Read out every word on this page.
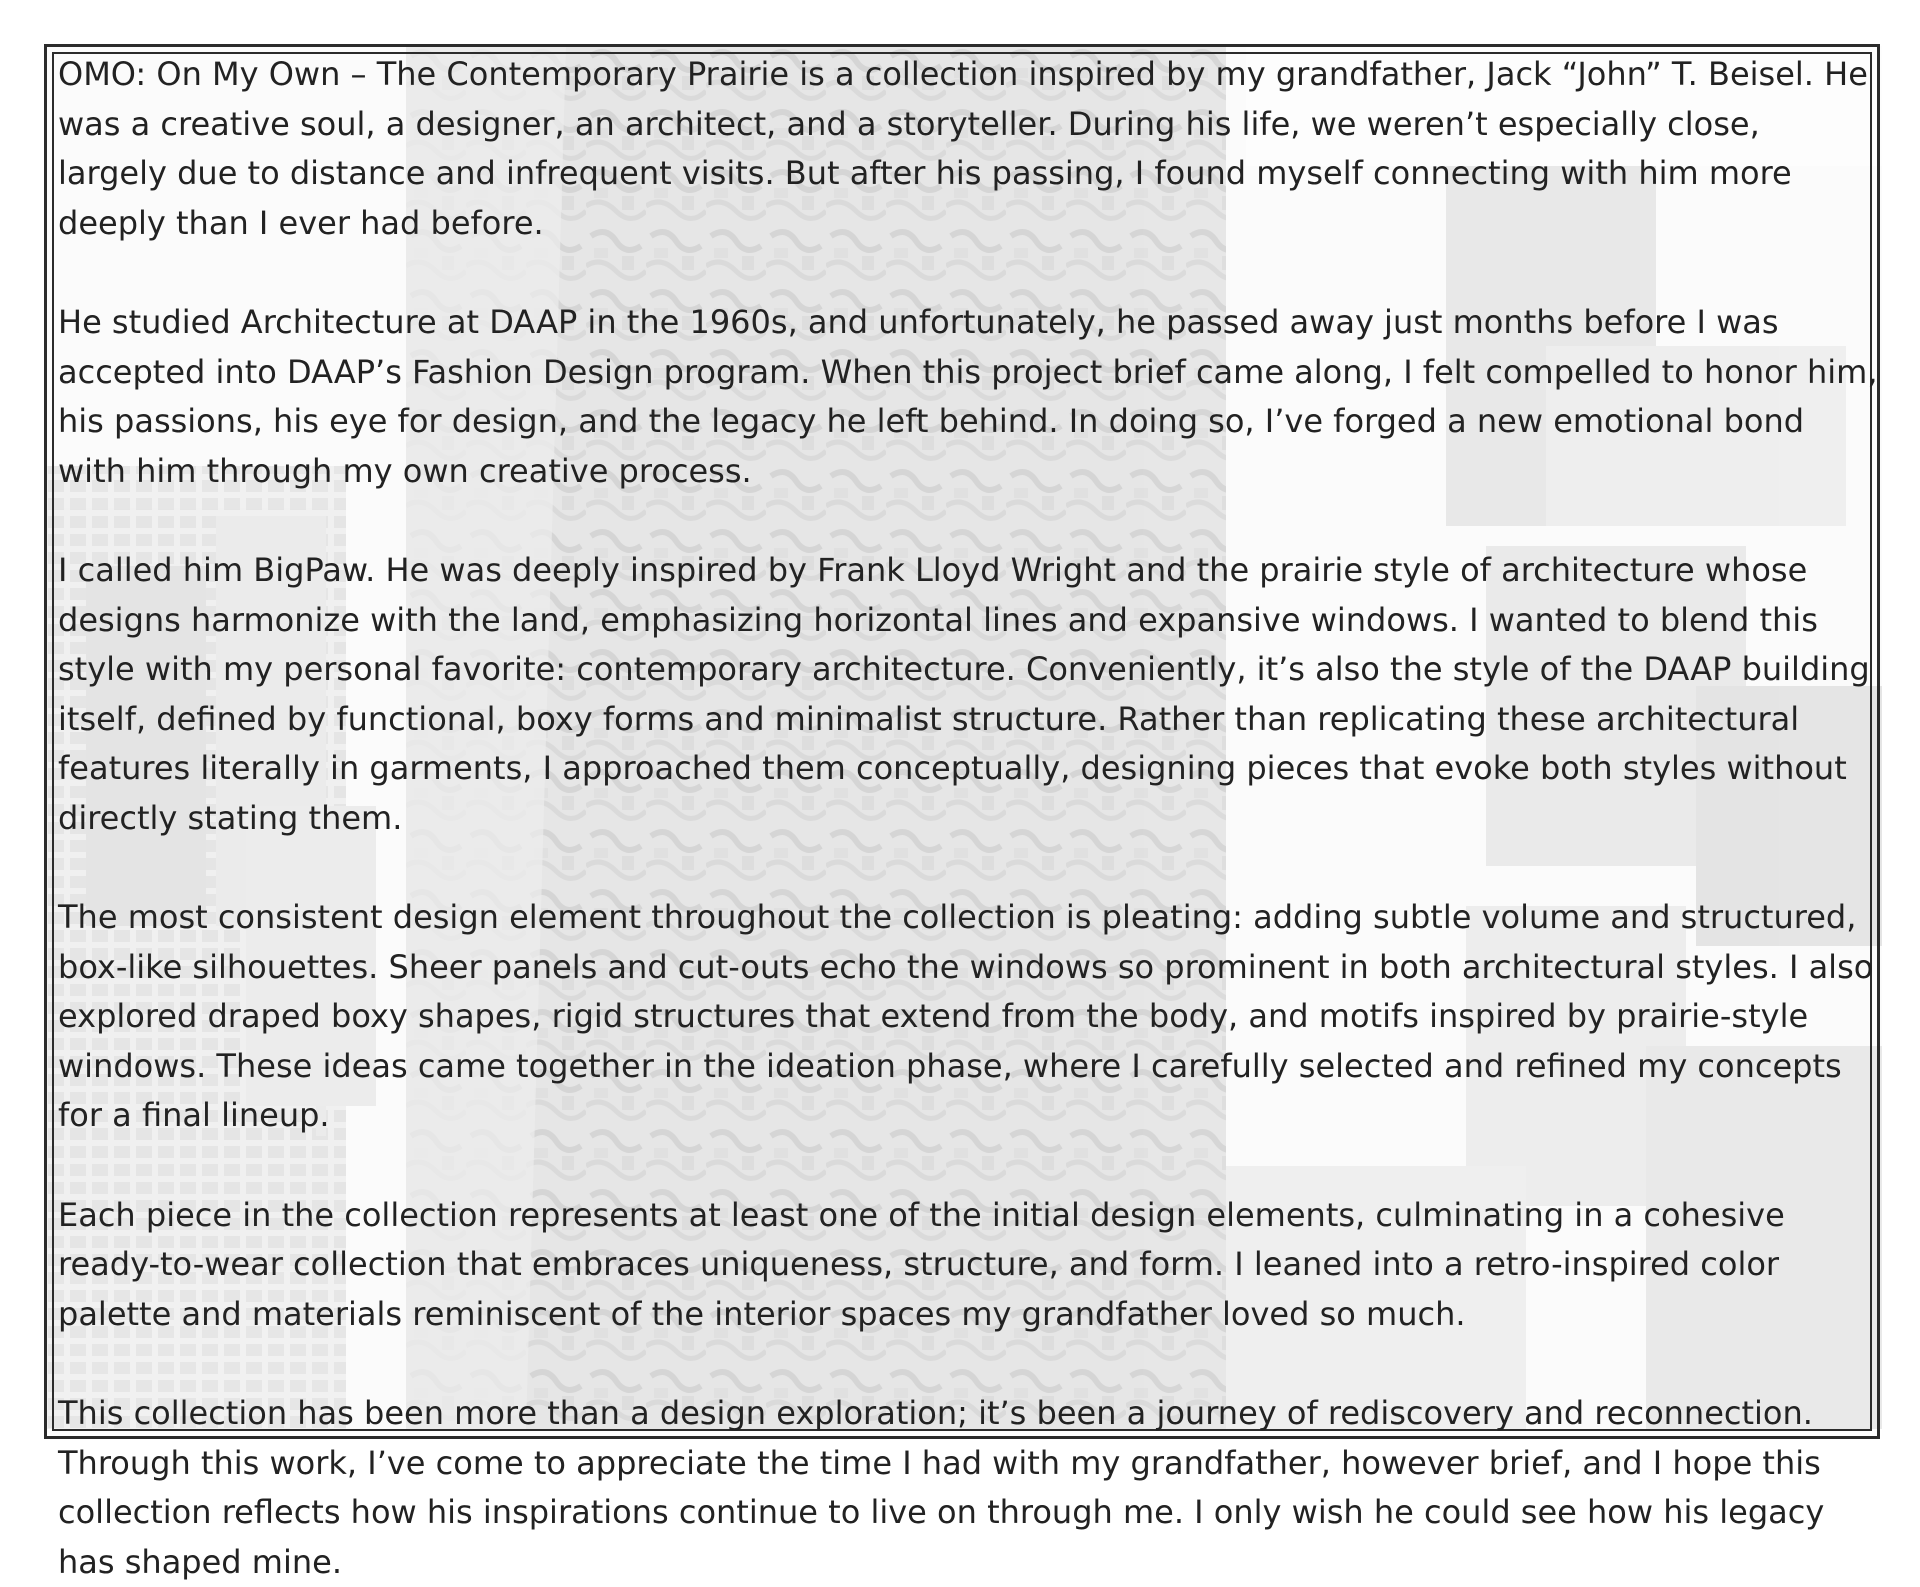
OMO: On My Own – The Contemporary Prairie is a collection inspired by my grandfather, Jack “John” T. Beisel. He was a creative soul, a designer, an architect, and a storyteller. During his life, we weren’t especially close, largely due to distance and infrequent visits. But after his passing, I found myself connecting with him more deeply than I ever had before.

He studied Architecture at DAAP in the 1960s, and unfortunately, he passed away just months before I was accepted into DAAP’s Fashion Design program. When this project brief came along, I felt compelled to honor him, his passions, his eye for design, and the legacy he left behind. In doing so, I’ve forged a new emotional bond with him through my own creative process.

I called him BigPaw. He was deeply inspired by Frank Lloyd Wright and the prairie style of architecture whose designs harmonize with the land, emphasizing horizontal lines and expansive windows. I wanted to blend this style with my personal favorite: contemporary architecture. Conveniently, it’s also the style of the DAAP building itself, defined by functional, boxy forms and minimalist structure. Rather than replicating these architectural features literally in garments, I approached them conceptually, designing pieces that evoke both styles without directly stating them.

The most consistent design element throughout the collection is pleating: adding subtle volume and structured, box-like silhouettes. Sheer panels and cut-outs echo the windows so prominent in both architectural styles. I also explored draped boxy shapes, rigid structures that extend from the body, and motifs inspired by prairie-style windows. These ideas came together in the ideation phase, where I carefully selected and refined my concepts for a final lineup.

Each piece in the collection represents at least one of the initial design elements, culminating in a cohesive ready-to-wear collection that embraces uniqueness, structure, and form. I leaned into a retro-inspired color palette and materials reminiscent of the interior spaces my grandfather loved so much.

This collection has been more than a design exploration; it’s been a journey of rediscovery and reconnection. Through this work, I’ve come to appreciate the time I had with my grandfather, however brief, and I hope this collection reflects how his inspirations continue to live on through me. I only wish he could see how his legacy has shaped mine.
